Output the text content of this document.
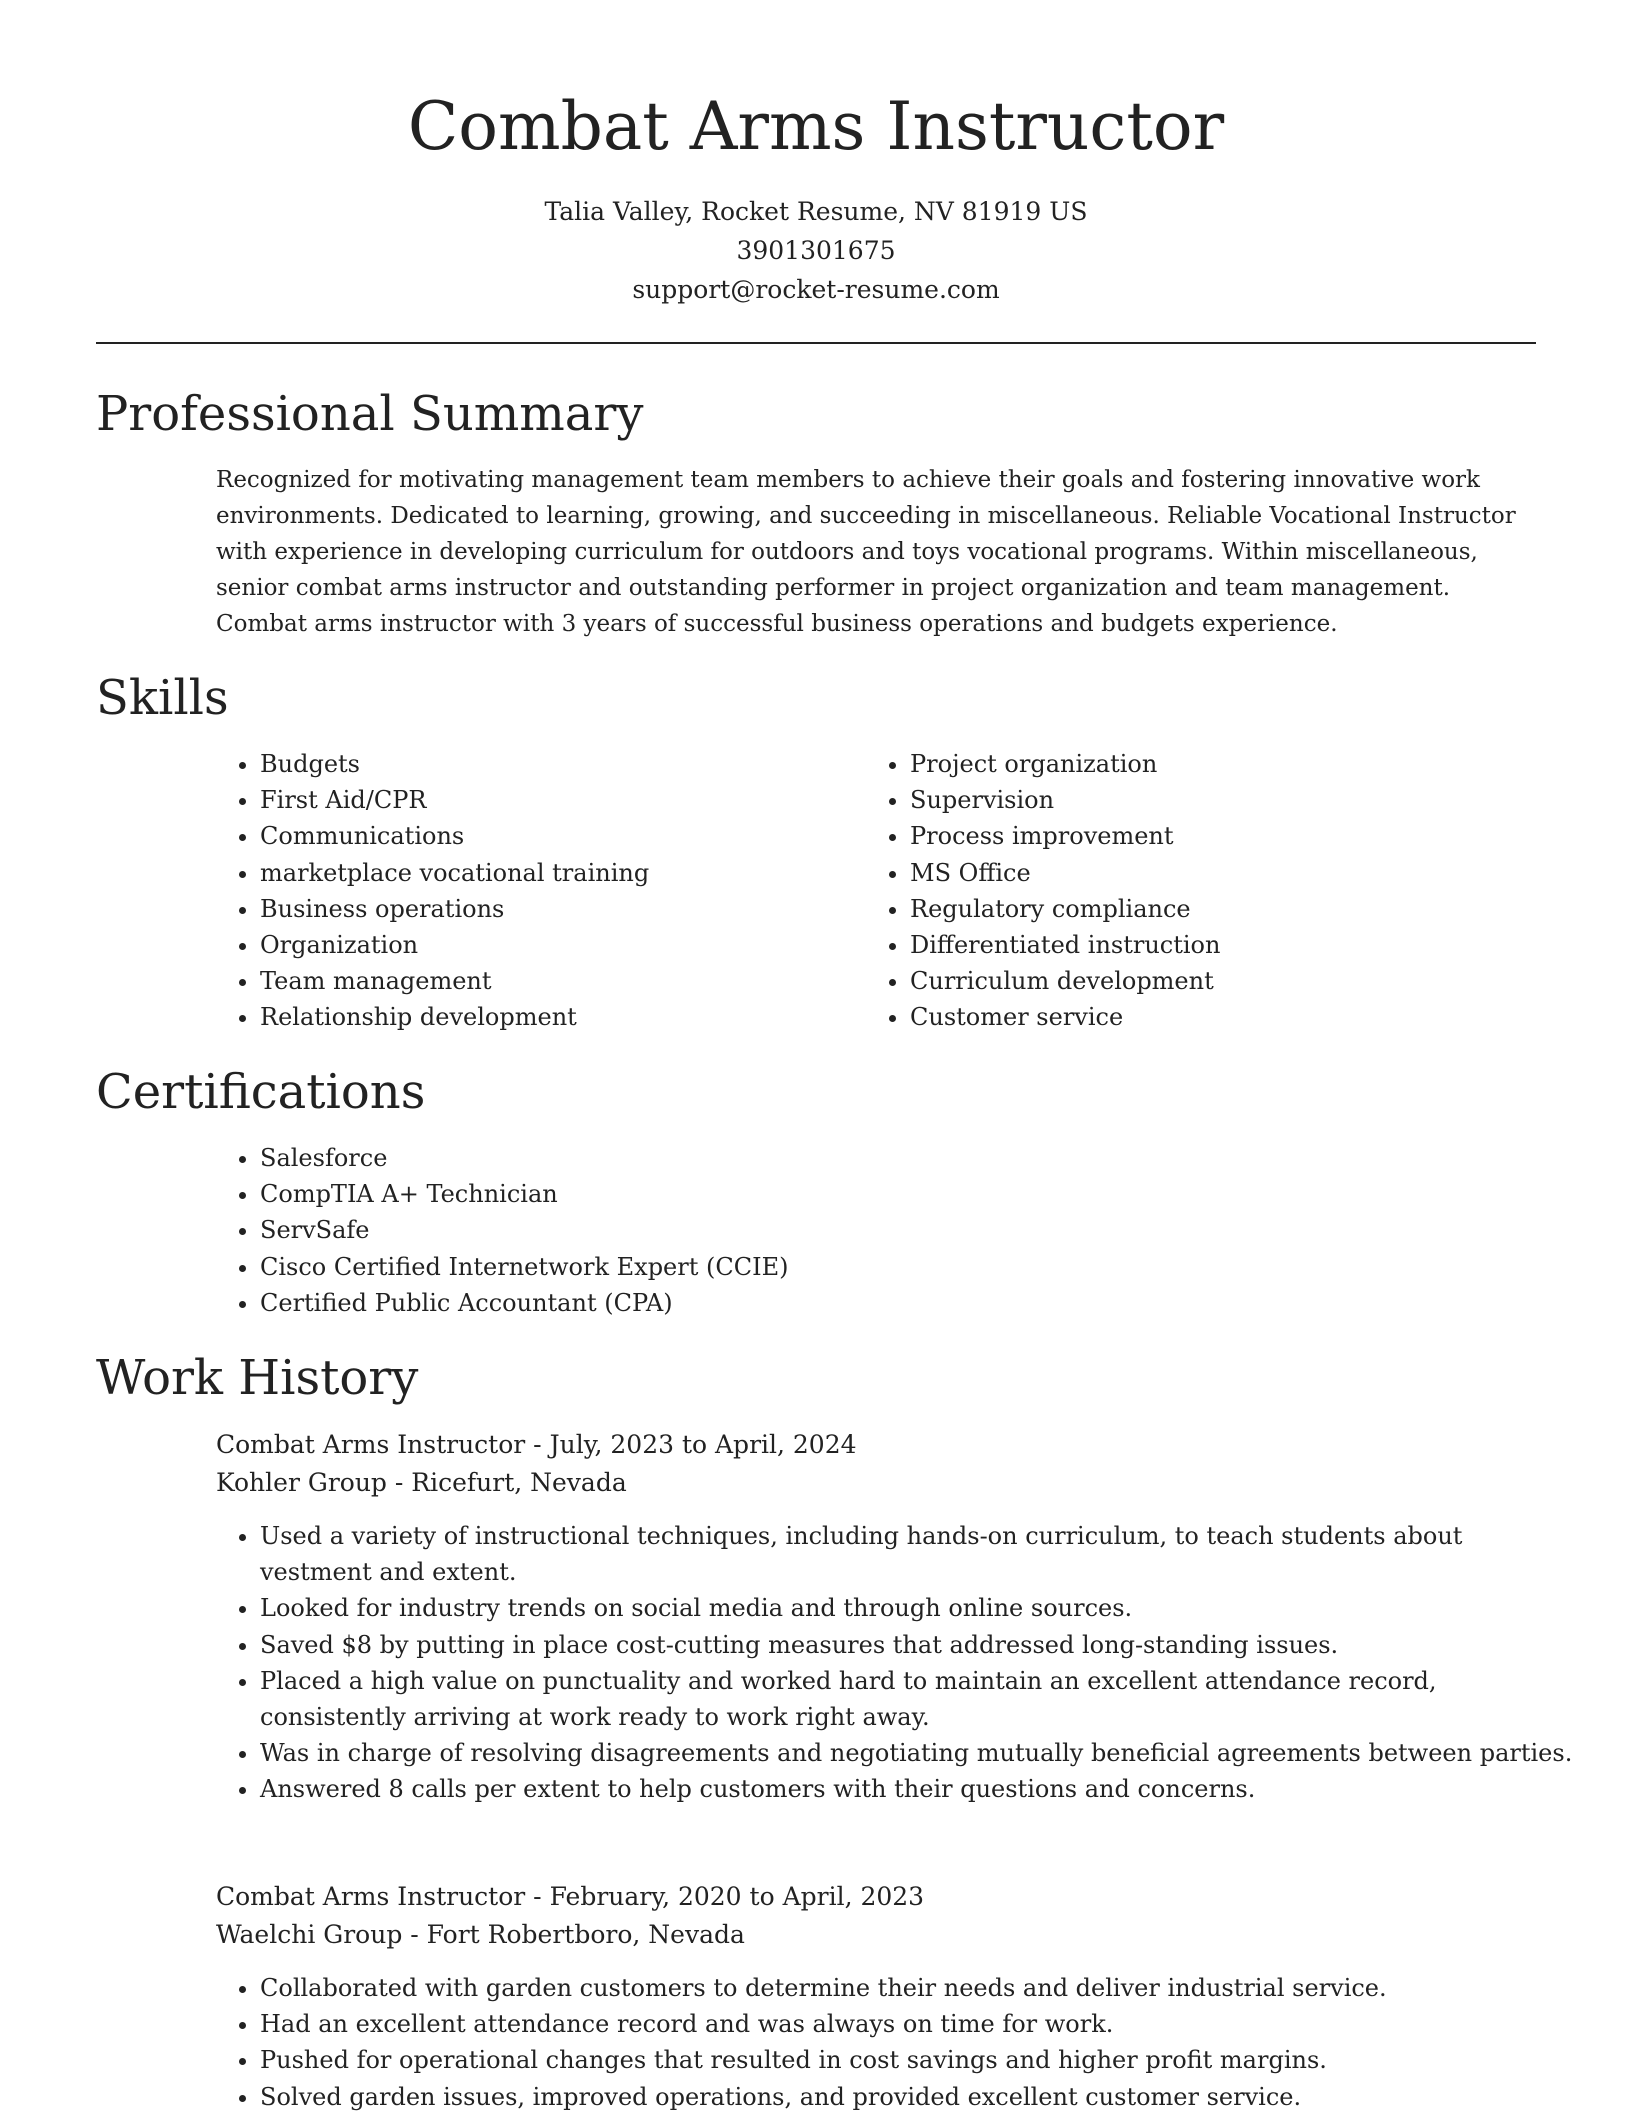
Combat Arms Instructor
Talia Valley, Rocket Resume, NV 81919 US
3901301675
support@rocket-resume.com
Professional Summary

Recognized for motivating management team members to achieve their goals and fostering innovative work environments. Dedicated to learning, growing, and succeeding in miscellaneous. Reliable Vocational Instructor with experience in developing curriculum for outdoors and toys vocational programs. Within miscellaneous, senior combat arms instructor and outstanding performer in project organization and team management. Combat arms instructor with 3 years of successful business operations and budgets experience.

Skills
• Budgets
• First Aid/CPR
• Communications
• marketplace vocational training
• Business operations
• Organization
• Team management
• Relationship development
• Project organization
• Supervision
• Process improvement
• MS Office
• Regulatory compliance
• Differentiated instruction
• Curriculum development
• Customer service
Certifications
• Salesforce
• CompTIA A+ Technician
• ServSafe
• Cisco Certified Internetwork Expert (CCIE)
• Certified Public Accountant (CPA)
Work History
Combat Arms Instructor - July, 2023 to April, 2024
Kohler Group - Ricefurt, Nevada
• Used a variety of instructional techniques, including hands-on curriculum, to teach students about vestment and extent.
• Looked for industry trends on social media and through online sources.
• Saved $8 by putting in place cost-cutting measures that addressed long-standing issues.
• Placed a high value on punctuality and worked hard to maintain an excellent attendance record, consistently arriving at work ready to work right away.
• Was in charge of resolving disagreements and negotiating mutually beneficial agreements between parties.
• Answered 8 calls per extent to help customers with their questions and concerns.
Combat Arms Instructor - February, 2020 to April, 2023
Waelchi Group - Fort Robertboro, Nevada
• Collaborated with garden customers to determine their needs and deliver industrial service.
• Had an excellent attendance record and was always on time for work.
• Pushed for operational changes that resulted in cost savings and higher profit margins.
• Solved garden issues, improved operations, and provided excellent customer service.
